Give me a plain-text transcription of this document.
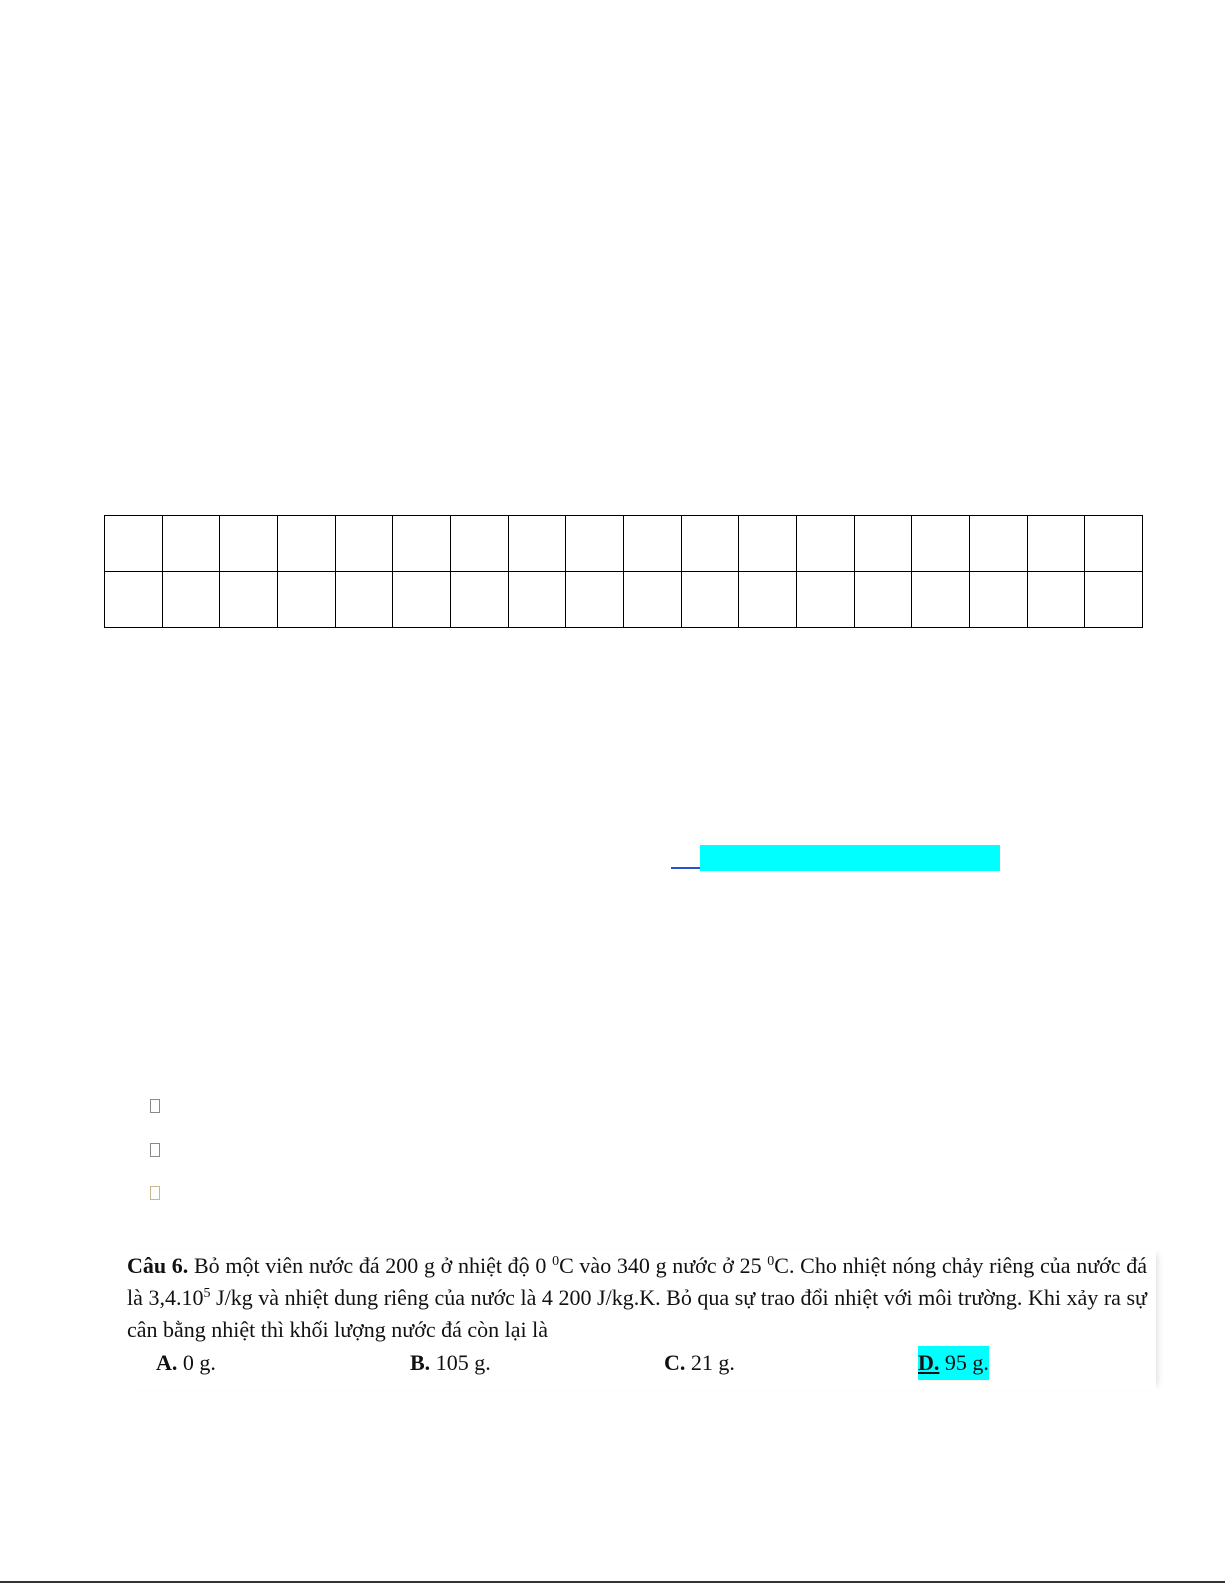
Câu 6. Bỏ một viên nước đá 200 g ở nhiệt độ 0 $^0$C vào 340 g nước ở 25 $^0$C. Cho nhiệt nóng chảy riêng của nước đá là 3,4.10$^5$ J/kg và nhiệt dung riêng của nước là 4 200 J/kg.K. Bỏ qua sự trao đổi nhiệt với môi trường. Khi xảy ra sự cân bằng nhiệt thì khối lượng nước đá còn lại là

A. 0 g.	B. 105 g.	C. 21 g.	D. 95 g.
